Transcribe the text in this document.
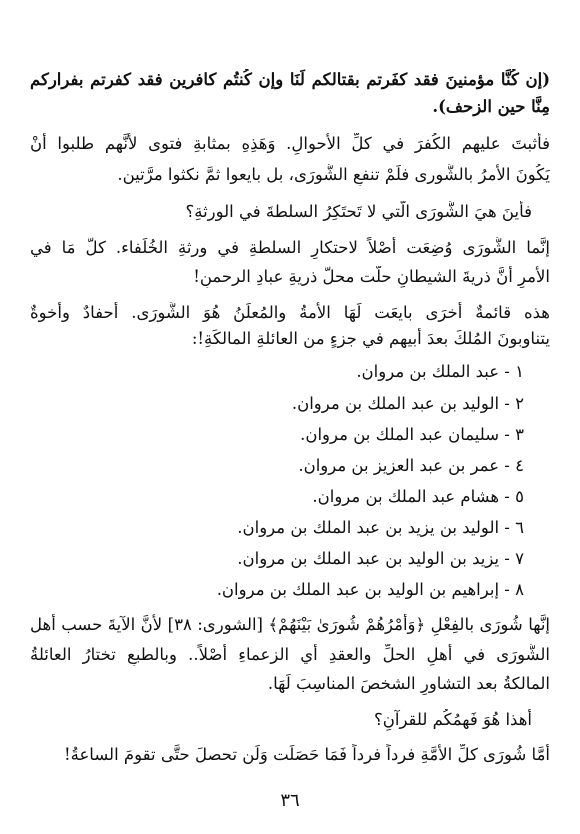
(إن كُنَّا مؤمنينَ فقد كفَرتم بقتالكم لَنَا وإن كُنتُم كافرين فقد كفرتم بفراركم
مِنَّا حين الزحف).
فأثبتَ عليهم الكُفرَ في كلِّ الأحوالِ. وَهَذِهِ بمثابةِ فتوى لأنَّهم طلبوا أنْ
يَكُونَ الأمرُ بالشُّورى فلَمْ تنفعِ الشُّورَى، بل بايعوا ثمَّ نكثوا مرَّتين.
فأينَ هيَ الشُّورَى الَّتي لا تَحتَكِرُ السلطةَ في الورثةِ؟
إنَّما الشُّورَى وُضِعَت أَصْلاً لاحتكارِ السلطةِ في ورثةِ الخُلَفاء. كلُّ مَا في
الأمرِ أنَّ ذريةَ الشيطانِ حلَّت محلَّ ذريةِ عبادِ الرحمنِ!
هذه قائمةٌ أُخرَى بايعَت لَهَا الأمةُ والمُعلَنُ هُوَ الشُّورَى. أحفادٌ وأخوةٌ
يتناوبونَ المُلكَ بعدَ أبيهم في جزءٍ من العائلةِ المالكَةِ!:
١ - عبد الملك بن مروان.
٢ - الوليد بن عبد الملك بن مروان.
٣ - سليمان عبد الملك بن مروان.
٤ - عمر بن عبد العزيز بن مروان.
٥ - هشام عبد الملك بن مروان.
٦ - الوليد بن يزيد بن عبد الملك بن مروان.
٧ - يزيد بن الوليد بن عبد الملك بن مروان.
٨ - إبراهيم بن الوليد بن عبد الملك بن مروان.
إنَّها شُورَى بالفِعْلِ ﴿وَأَمْرُهُمْ شُورَىٰ بَيْنَهُمْ﴾ [الشورى: ٣٨] لأنَّ الآيةَ حسب أهل
الشُّورَى في أهلِ الحلِّ والعقدِ أي الزعماءِ أَصْلاً.. وبالطبعِ تختارُ العائلةُ
المالكةُ بعد التشاورِ الشخصَ المناسِبَ لَهَا.
أهذا هُوَ فَهمُكُم للقرآنِ؟
أمَّا شُورَى كلِّ الأمَّةِ فرداً فرداً فَمَا حَصَلَت وَلَن تحصلَ حتَّى تقومَ الساعةُ!
٣٦
